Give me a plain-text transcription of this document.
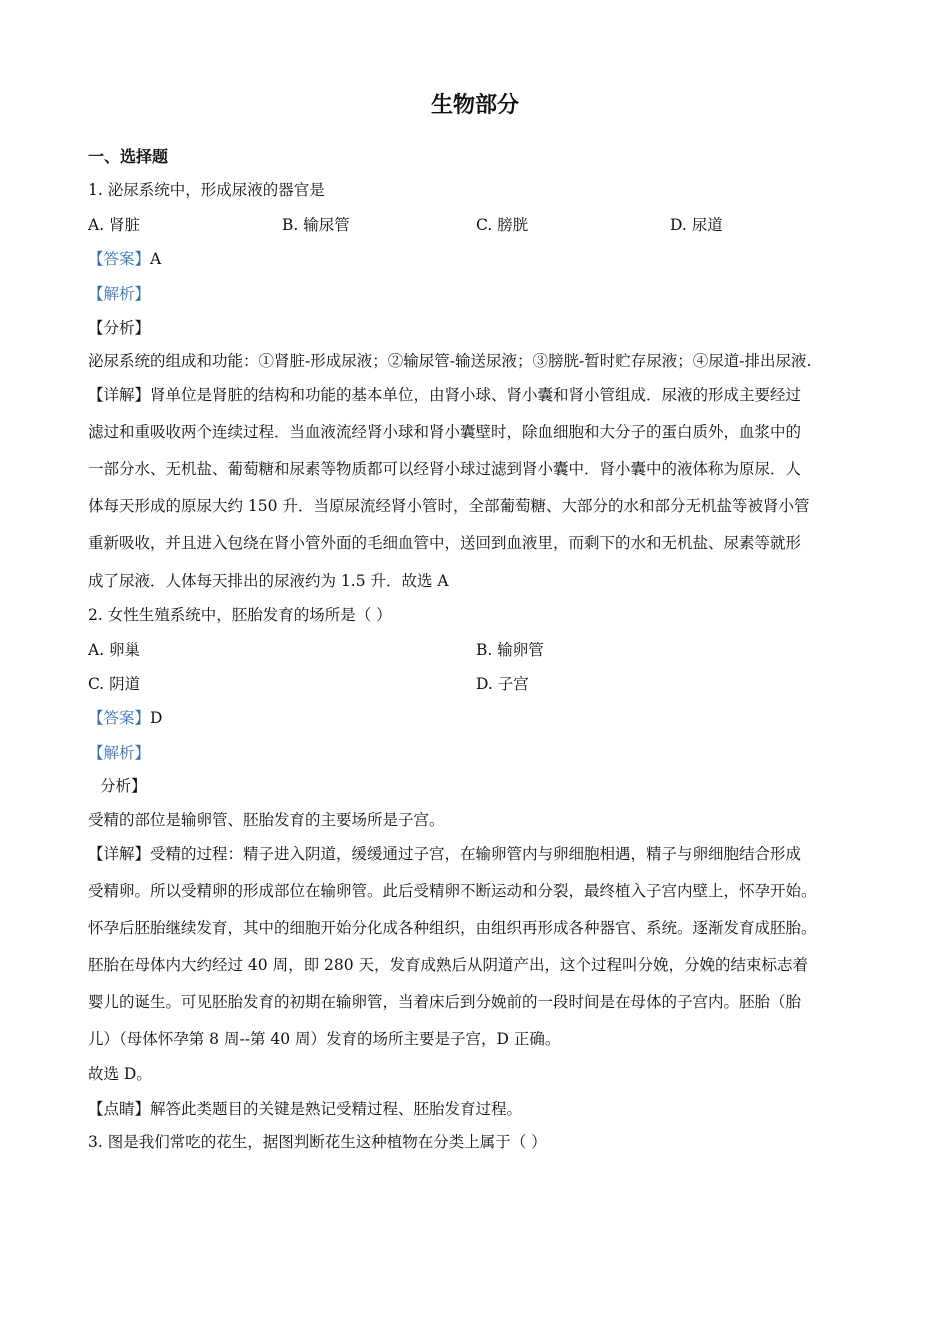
生物部分
一、选择题
1. 泌尿系统中，形成尿液的器官是
A. 肾脏	B. 输尿管	C. 膀胱	D. 尿道
【答案】A
【解析】
【分析】
泌尿系统的组成和功能：①肾脏-形成尿液；②输尿管-输送尿液；③膀胱-暂时贮存尿液；④尿道-排出尿液.
【详解】肾单位是肾脏的结构和功能的基本单位，由肾小球、肾小囊和肾小管组成．尿液的形成主要经过
滤过和重吸收两个连续过程．当血液流经肾小球和肾小囊壁时，除血细胞和大分子的蛋白质外，血浆中的
一部分水、无机盐、葡萄糖和尿素等物质都可以经肾小球过滤到肾小囊中．肾小囊中的液体称为原尿．人
体每天形成的原尿大约 150 升．当原尿流经肾小管时，全部葡萄糖、大部分的水和部分无机盐等被肾小管
重新吸收，并且进入包绕在肾小管外面的毛细血管中，送回到血液里，而剩下的水和无机盐、尿素等就形
成了尿液．人体每天排出的尿液约为 1.5 升．故选 A
2. 女性生殖系统中，胚胎发育的场所是（ ）
A. 卵巢	B. 输卵管
C. 阴道	D. 子宫
【答案】D
【解析】
分析】
受精的部位是输卵管、胚胎发育的主要场所是子宫。
【详解】受精的过程：精子进入阴道，缓缓通过子宫，在输卵管内与卵细胞相遇，精子与卵细胞结合形成
受精卵。所以受精卵的形成部位在输卵管。此后受精卵不断运动和分裂，最终植入子宫内壁上，怀孕开始。
怀孕后胚胎继续发育，其中的细胞开始分化成各种组织，由组织再形成各种器官、系统。逐渐发育成胚胎。
胚胎在母体内大约经过 40 周，即 280 天，发育成熟后从阴道产出，这个过程叫分娩，分娩的结束标志着
婴儿的诞生。可见胚胎发育的初期在输卵管，当着床后到分娩前的一段时间是在母体的子宫内。胚胎（胎
儿）（母体怀孕第 8 周--第 40 周）发育的场所主要是子宫，D 正确。
故选 D。
【点睛】解答此类题目的关键是熟记受精过程、胚胎发育过程。
3. 图是我们常吃的花生，据图判断花生这种植物在分类上属于（ ）
